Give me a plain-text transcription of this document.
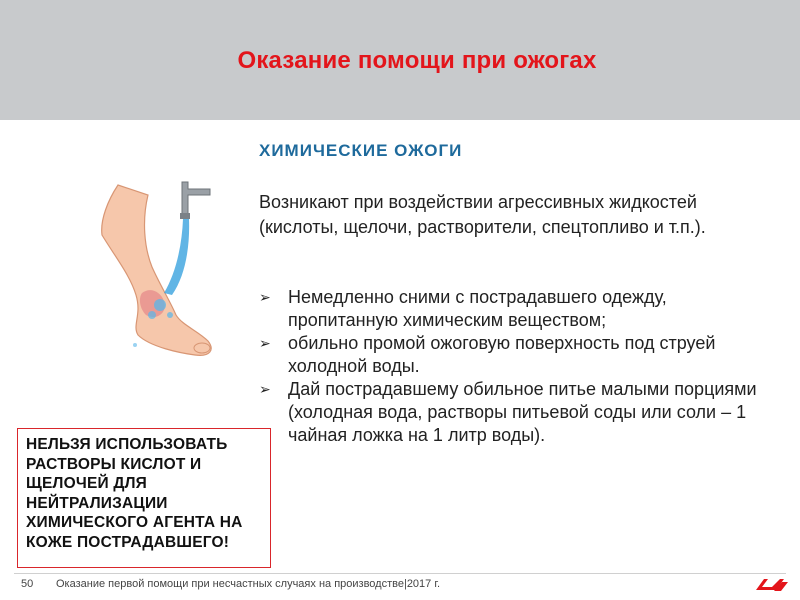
Оказание помощи при ожогах
ХИМИЧЕСКИЕ ОЖОГИ
Возникают при воздействии агрессивных жидкостей (кислоты, щелочи, растворители, спецтопливо и т.п.).
➢ Немедленно сними с пострадавшего одежду, пропитанную химическим веществом;
➢ обильно промой ожоговую поверхность под струей холодной воды.
➢ Дай пострадавшему обильное питье малыми порциями (холодная вода, растворы питьевой соды или соли – 1 чайная ложка на 1 литр воды).
НЕЛЬЗЯ ИСПОЛЬЗОВАТЬ РАСТВОРЫ КИСЛОТ И ЩЕЛОЧЕЙ ДЛЯ НЕЙТРАЛИЗАЦИИ ХИМИЧЕСКОГО АГЕНТА НА КОЖЕ ПОСТРАДАВШЕГО!
50 Оказание первой помощи при несчастных случаях на производстве|2017 г.
